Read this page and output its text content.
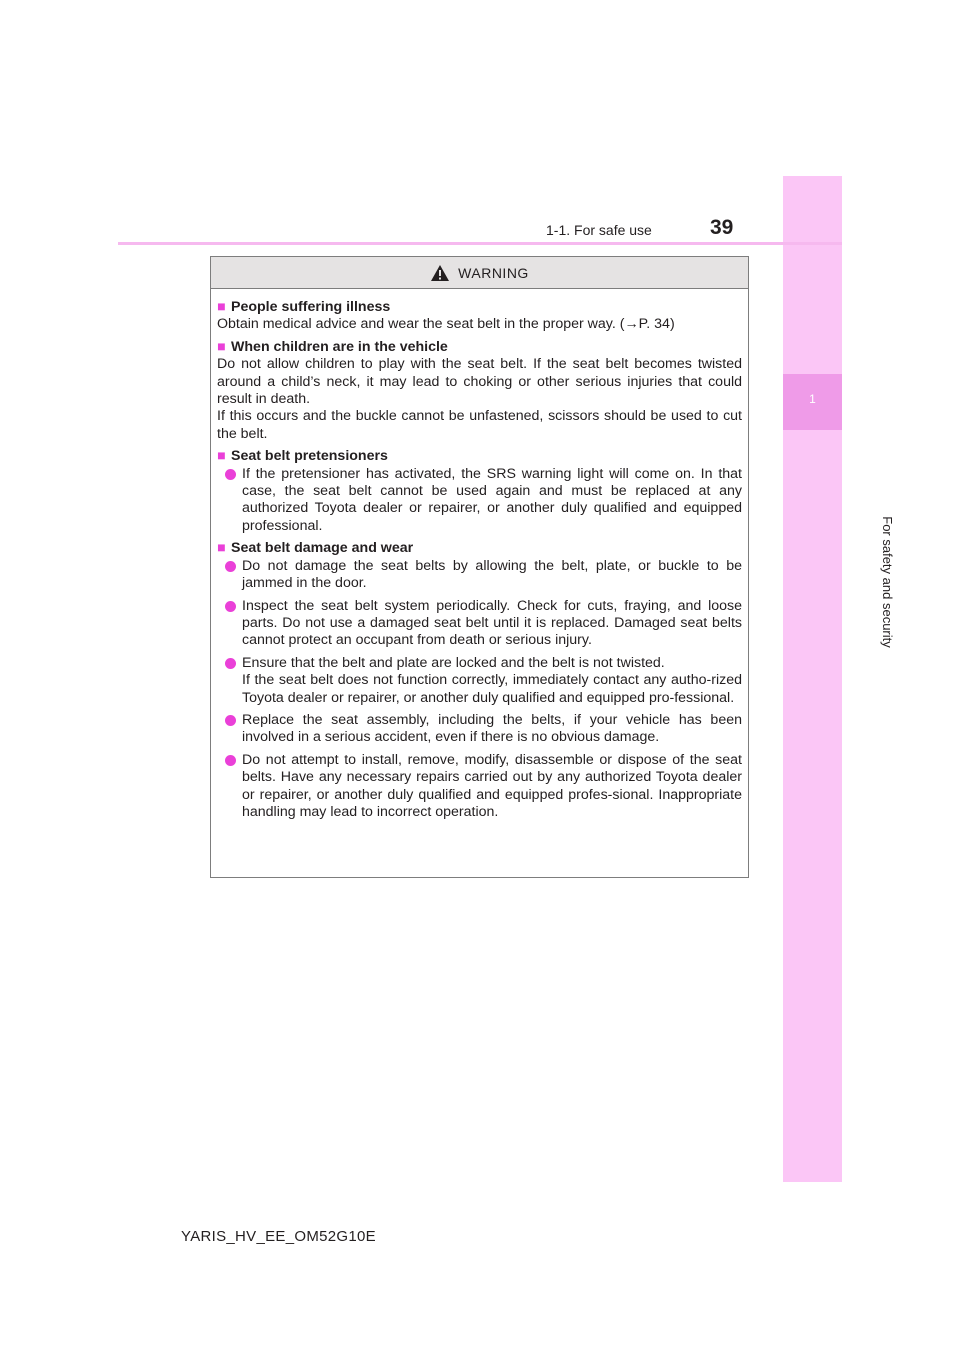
1
For safety and security
1-1. For safe use	39
WARNING
■ People suffering illness

Obtain medical advice and wear the seat belt in the proper way. (→P. 34)

■ When children are in the vehicle

Do not allow children to play with the seat belt. If the seat belt becomes twisted around a child’s neck, it may lead to choking or other serious injuries that could result in death.

If this occurs and the buckle cannot be unfastened, scissors should be used to cut the belt.

■ Seat belt pretensioners
If the pretensioner has activated, the SRS warning light will come on. In that case, the seat belt cannot be used again and must be replaced at any authorized Toyota dealer or repairer, or another duly qualified and equipped professional.
■ Seat belt damage and wear
Do not damage the seat belts by allowing the belt, plate, or buckle to be jammed in the door.
Inspect the seat belt system periodically. Check for cuts, fraying, and loose parts. Do not use a damaged seat belt until it is replaced. Damaged seat belts cannot protect an occupant from death or serious injury.
Ensure that the belt and plate are locked and the belt is not twisted.
If the seat belt does not function correctly, immediately contact any autho-rized Toyota dealer or repairer, or another duly qualified and equipped pro-fessional.
Replace the seat assembly, including the belts, if your vehicle has been involved in a serious accident, even if there is no obvious damage.
Do not attempt to install, remove, modify, disassemble or dispose of the seat belts. Have any necessary repairs carried out by any authorized Toyota dealer or repairer, or another duly qualified and equipped profes-sional. Inappropriate handling may lead to incorrect operation.
YARIS_HV_EE_OM52G10E
